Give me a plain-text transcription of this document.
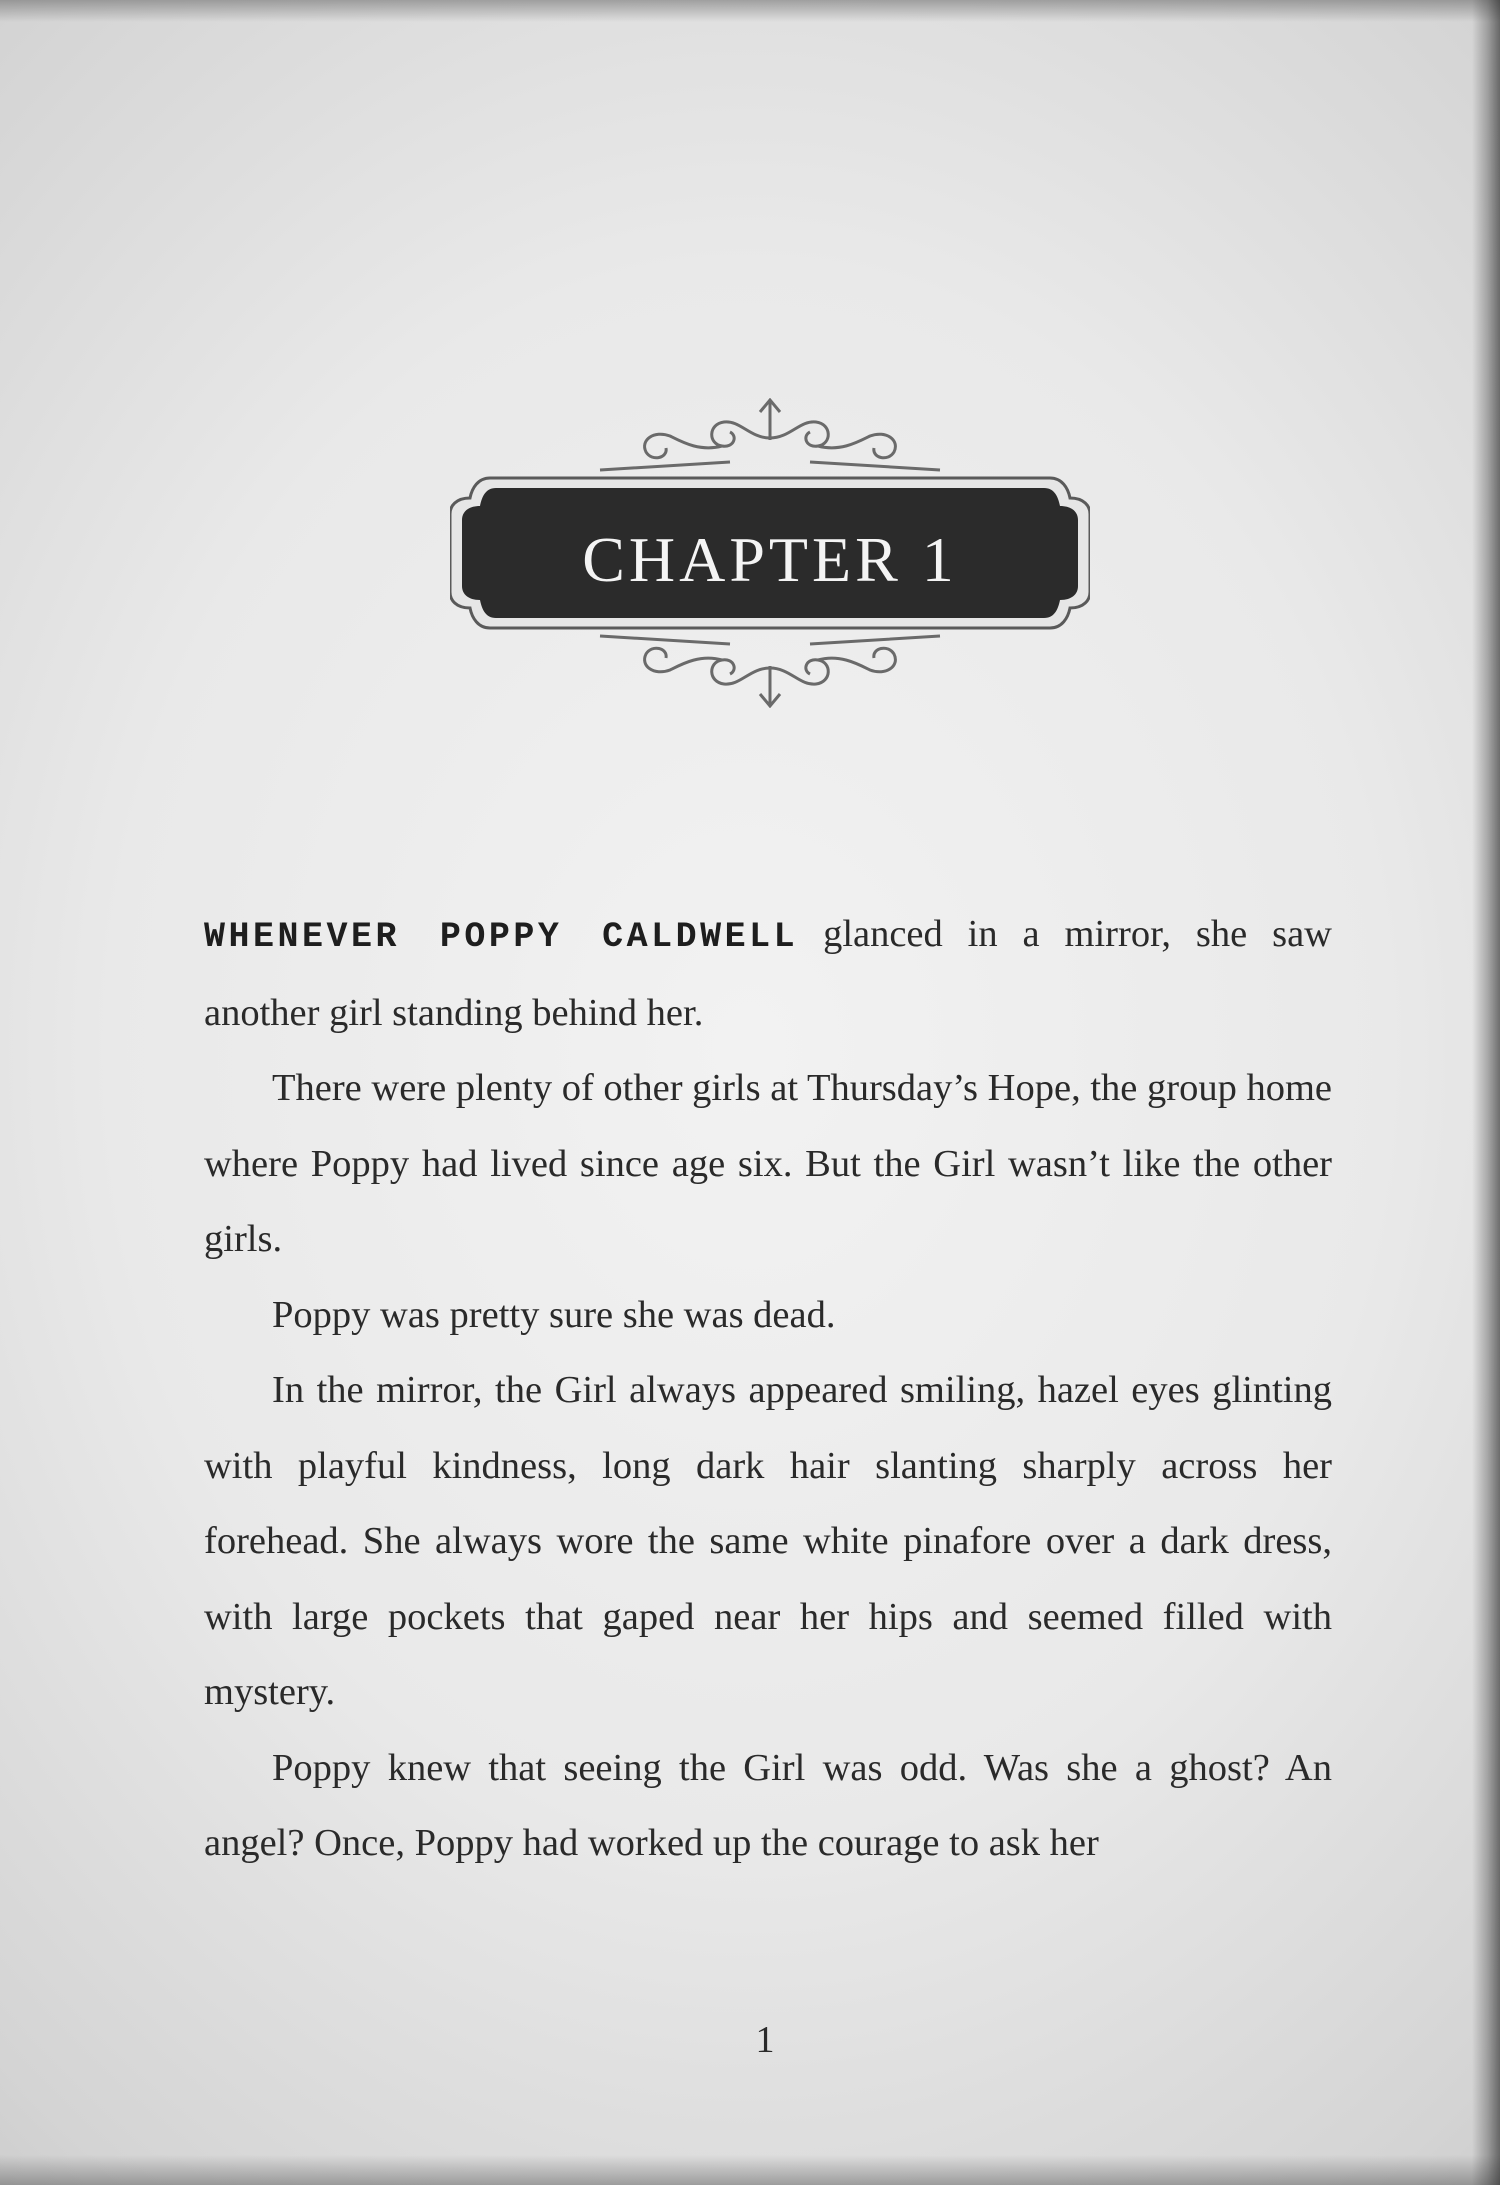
CHAPTER 1

WHENEVER POPPY CALDWELL glanced in a mirror, she saw another girl standing behind her.

There were plenty of other girls at Thursday’s Hope, the group home where Poppy had lived since age six. But the Girl wasn’t like the other girls.

Poppy was pretty sure she was dead.

In the mirror, the Girl always appeared smiling, hazel eyes glinting with playful kindness, long dark hair slanting sharply across her forehead. She always wore the same white pinafore over a dark dress, with large pockets that gaped near her hips and seemed filled with mystery.

Poppy knew that seeing the Girl was odd. Was she a ghost? An angel? Once, Poppy had worked up the courage to ask her

1
